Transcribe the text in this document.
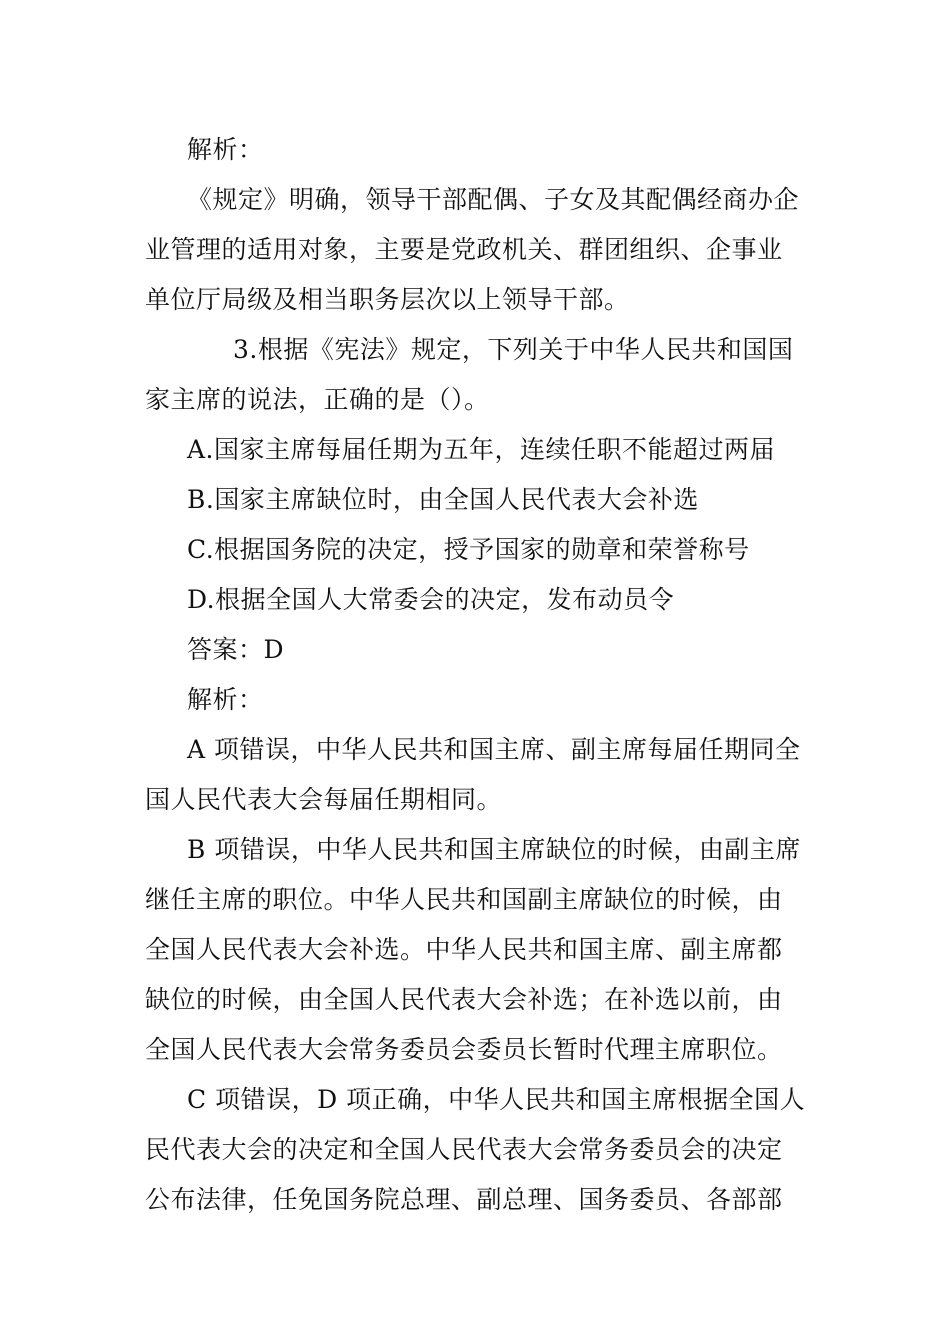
解析：
《规定》明确，领导干部配偶、子女及其配偶经商办企
业管理的适用对象，主要是党政机关、群团组织、企事业
单位厅局级及相当职务层次以上领导干部。
3.根据《宪法》规定，下列关于中华人民共和国国
家主席的说法，正确的是（）。
A.国家主席每届任期为五年，连续任职不能超过两届
B.国家主席缺位时，由全国人民代表大会补选
C.根据国务院的决定，授予国家的勋章和荣誉称号
D.根据全国人大常委会的决定，发布动员令
答案：D
解析：
A 项错误，中华人民共和国主席、副主席每届任期同全
国人民代表大会每届任期相同。
B 项错误，中华人民共和国主席缺位的时候，由副主席
继任主席的职位。中华人民共和国副主席缺位的时候，由
全国人民代表大会补选。中华人民共和国主席、副主席都
缺位的时候，由全国人民代表大会补选；在补选以前，由
全国人民代表大会常务委员会委员长暂时代理主席职位。
C 项错误，D 项正确，中华人民共和国主席根据全国人
民代表大会的决定和全国人民代表大会常务委员会的决定
公布法律，任免国务院总理、副总理、国务委员、各部部
